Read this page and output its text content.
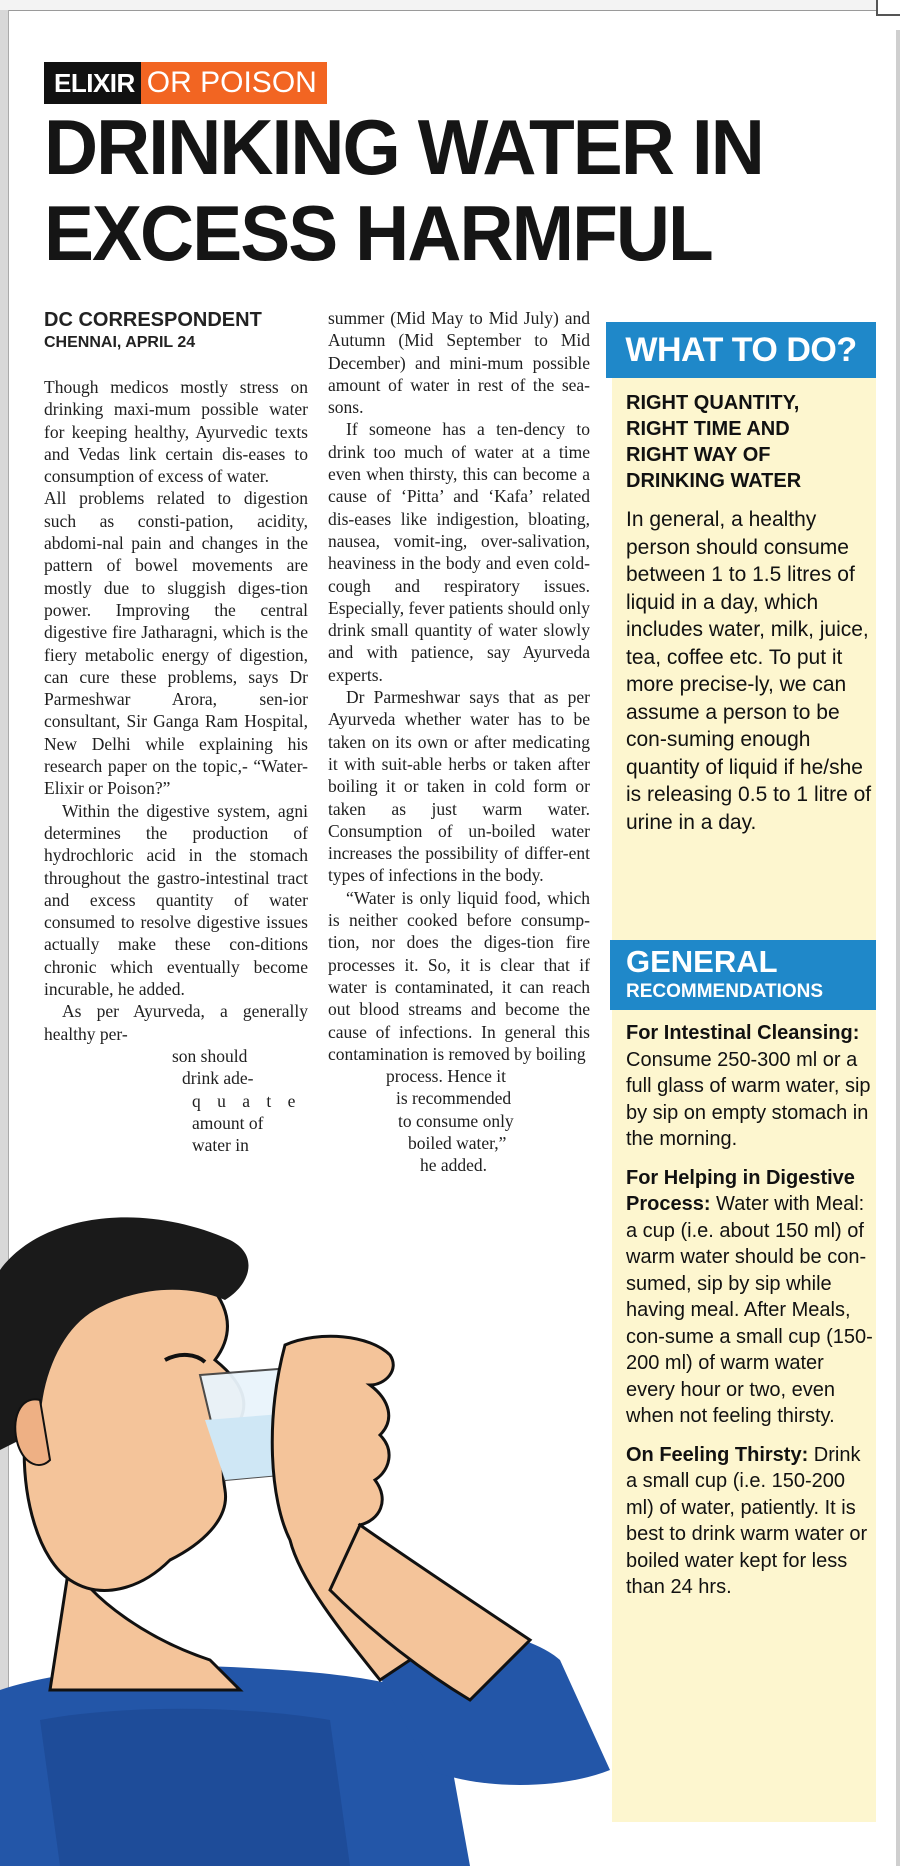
ELIXIR OR POISON
DRINKING WATER IN
EXCESS HARMFUL
DC CORRESPONDENT
CHENNAI, APRIL 24

Though medicos mostly stress on drinking maxi-mum possible water for keeping healthy, Ayurvedic texts and Vedas link certain dis-eases to consumption of excess of water.

All problems related to digestion such as consti-pation, acidity, abdomi-nal pain and changes in the pattern of bowel movements are mostly due to sluggish diges-tion power. Improving the central digestive fire Jatharagni, which is the fiery metabolic energy of digestion, can cure these problems, says Dr Parmeshwar Arora, sen-ior consultant, Sir Ganga Ram Hospital, New Delhi while explaining his research paper on the topic,- “Water-Elixir or Poison?”

Within the digestive system, agni determines the production of hydrochloric acid in the stomach throughout the gastro-intestinal tract and excess quantity of water consumed to resolve digestive issues actually make these con-ditions chronic which eventually become incurable, he added.

As per Ayurveda, a generally healthy per-

son should

drink ade-

q u a t e

amount of

water in

summer (Mid May to Mid July) and Autumn (Mid September to Mid December) and mini-mum possible amount of water in rest of the sea-sons.

If someone has a ten-dency to drink too much of water at a time even when thirsty, this can become a cause of ‘Pitta’ and ‘Kafa’ related dis-eases like indigestion, bloating, nausea, vomit-ing, over-salivation, heaviness in the body and even cold-cough and respiratory issues. Especially, fever patients should only drink small quantity of water slowly and with patience, say Ayurveda experts.

Dr Parmeshwar says that as per Ayurveda whether water has to be taken on its own or after medicating it with suit-able herbs or taken after boiling it or taken in cold form or taken as just warm water. Consumption of un-boiled water increases the possibility of differ-ent types of infections in the body.

“Water is only liquid food, which is neither cooked before consump-tion, nor does the diges-tion fire processes it. So, it is clear that if water is contaminated, it can reach out blood streams and become the cause of infections. In general this contamination is removed by boiling

process. Hence it

is recommended

to consume only

boiled water,”

he added.

WHAT TO DO?
RIGHT QUANTITY,
RIGHT TIME AND
RIGHT WAY OF
DRINKING WATER
In general, a healthy person should consume between 1 to 1.5 litres of liquid in a day, which includes water, milk, juice, tea, coffee etc. To put it more precise-ly, we can assume a person to be con-suming enough quantity of liquid if he/she is releasing 0.5 to 1 litre of urine in a day.
GENERAL
RECOMMENDATIONS
For Intestinal Cleansing: Consume 250-300 ml or a full glass of warm water, sip by sip on empty stomach in the morning.
For Helping in Digestive Process: Water with Meal: a cup (i.e. about 150 ml) of warm water should be con-sumed, sip by sip while having meal. After Meals, con-sume a small cup (150-200 ml) of warm water every hour or two, even when not feeling thirsty.
On Feeling Thirsty: Drink a small cup (i.e. 150-200 ml) of water, patiently. It is best to drink warm water or boiled water kept for less than 24 hrs.
